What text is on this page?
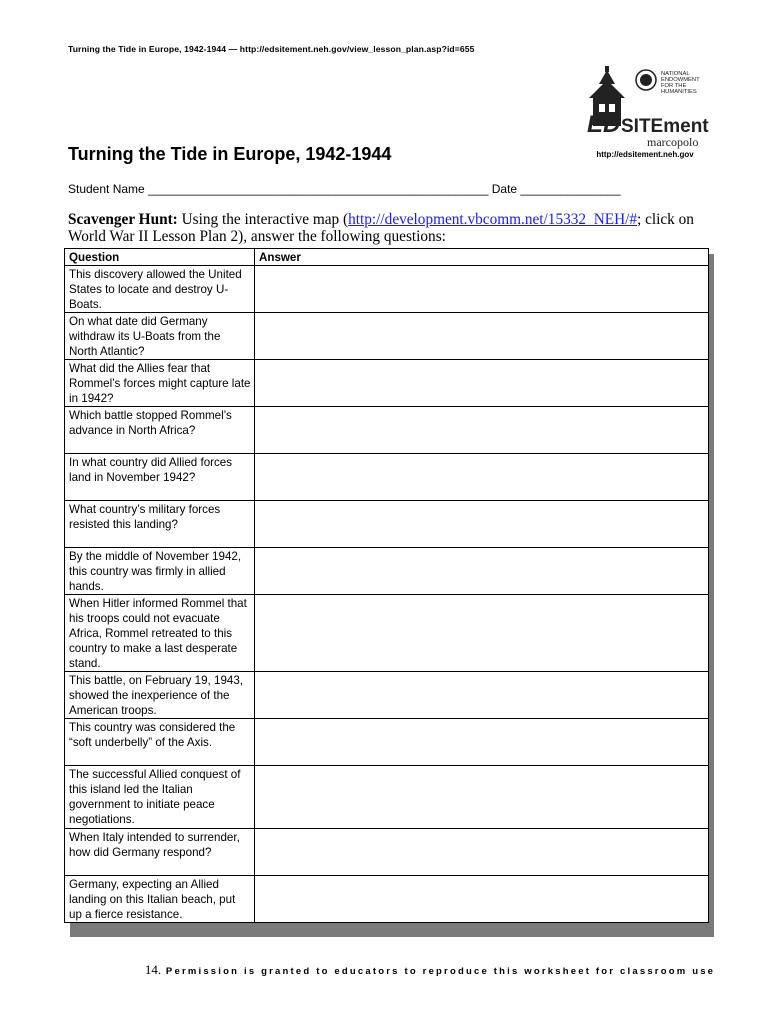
Turning the Tide in Europe, 1942-1944 — http://edsitement.neh.gov/view_lesson_plan.asp?id=655
NATIONAL
ENDOWMENT
FOR THE
HUMANITIES
ED SITEment
marcopolo
http://edsitement.neh.gov
Turning the Tide in Europe, 1942-1944
Student Name ___________________________________________________ Date _______________
Scavenger Hunt: Using the interactive map (http://development.vbcomm.net/15332_NEH/#; click on World War II Lesson Plan 2), answer the following questions:
Question	Answer
This discovery allowed the United States to locate and destroy U-Boats.	
On what date did Germany withdraw its U-Boats from the North Atlantic?	
What did the Allies fear that Rommel’s forces might capture late in 1942?	
Which battle stopped Rommel’s advance in North Africa?	
In what country did Allied forces land in November 1942?	
What country’s military forces resisted this landing?	
By the middle of November 1942, this country was firmly in allied hands.	
When Hitler informed Rommel that his troops could not evacuate Africa, Rommel retreated to this country to make a last desperate stand.	
This battle, on February 19, 1943, showed the inexperience of the American troops.	
This country was considered the “soft underbelly” of the Axis.	
The successful Allied conquest of this island led the Italian government to initiate peace negotiations.	
When Italy intended to surrender, how did Germany respond?	
Germany, expecting an Allied landing on this Italian beach, put up a fierce resistance.	
14. Permission is granted to educators to reproduce this worksheet for classroom use
